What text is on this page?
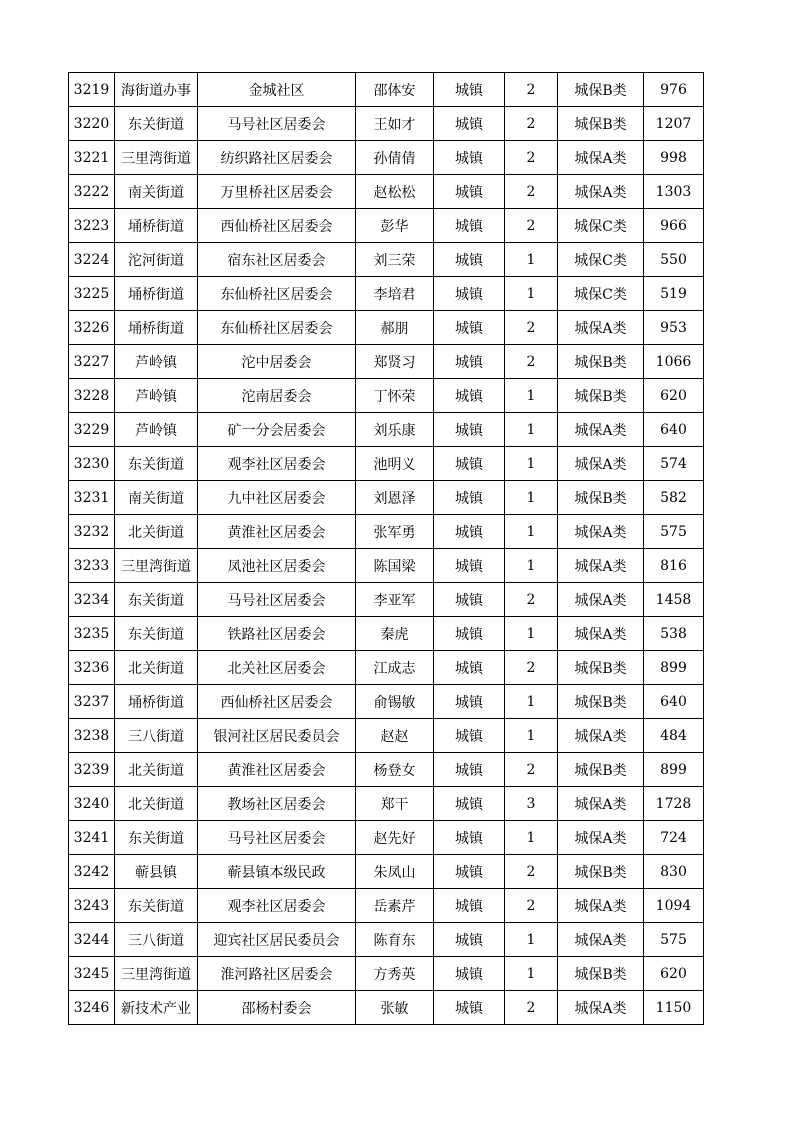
3219	海街道办事	金城社区	邵体安	城镇	2	城保B类	976
3220	东关街道	马号社区居委会	王如才	城镇	2	城保B类	1207
3221	三里湾街道	纺织路社区居委会	孙倩倩	城镇	2	城保A类	998
3222	南关街道	万里桥社区居委会	赵松松	城镇	2	城保A类	1303
3223	埇桥街道	西仙桥社区居委会	彭华	城镇	2	城保C类	966
3224	沱河街道	宿东社区居委会	刘三荣	城镇	1	城保C类	550
3225	埇桥街道	东仙桥社区居委会	李培君	城镇	1	城保C类	519
3226	埇桥街道	东仙桥社区居委会	郝朋	城镇	2	城保A类	953
3227	芦岭镇	沱中居委会	郑贤习	城镇	2	城保B类	1066
3228	芦岭镇	沱南居委会	丁怀荣	城镇	1	城保B类	620
3229	芦岭镇	矿一分会居委会	刘乐康	城镇	1	城保A类	640
3230	东关街道	观李社区居委会	池明义	城镇	1	城保A类	574
3231	南关街道	九中社区居委会	刘恩泽	城镇	1	城保B类	582
3232	北关街道	黄淮社区居委会	张军勇	城镇	1	城保A类	575
3233	三里湾街道	凤池社区居委会	陈国梁	城镇	1	城保A类	816
3234	东关街道	马号社区居委会	李亚军	城镇	2	城保A类	1458
3235	东关街道	铁路社区居委会	秦虎	城镇	1	城保A类	538
3236	北关街道	北关社区居委会	江成志	城镇	2	城保B类	899
3237	埇桥街道	西仙桥社区居委会	俞锡敏	城镇	1	城保B类	640
3238	三八街道	银河社区居民委员会	赵赵	城镇	1	城保A类	484
3239	北关街道	黄淮社区居委会	杨登女	城镇	2	城保B类	899
3240	北关街道	教场社区居委会	郑干	城镇	3	城保A类	1728
3241	东关街道	马号社区居委会	赵先好	城镇	1	城保A类	724
3242	蕲县镇	蕲县镇本级民政	朱凤山	城镇	2	城保B类	830
3243	东关街道	观李社区居委会	岳素芹	城镇	2	城保A类	1094
3244	三八街道	迎宾社区居民委员会	陈育东	城镇	1	城保A类	575
3245	三里湾街道	淮河路社区居委会	方秀英	城镇	1	城保B类	620
3246	新技术产业	邵杨村委会	张敏	城镇	2	城保A类	1150
